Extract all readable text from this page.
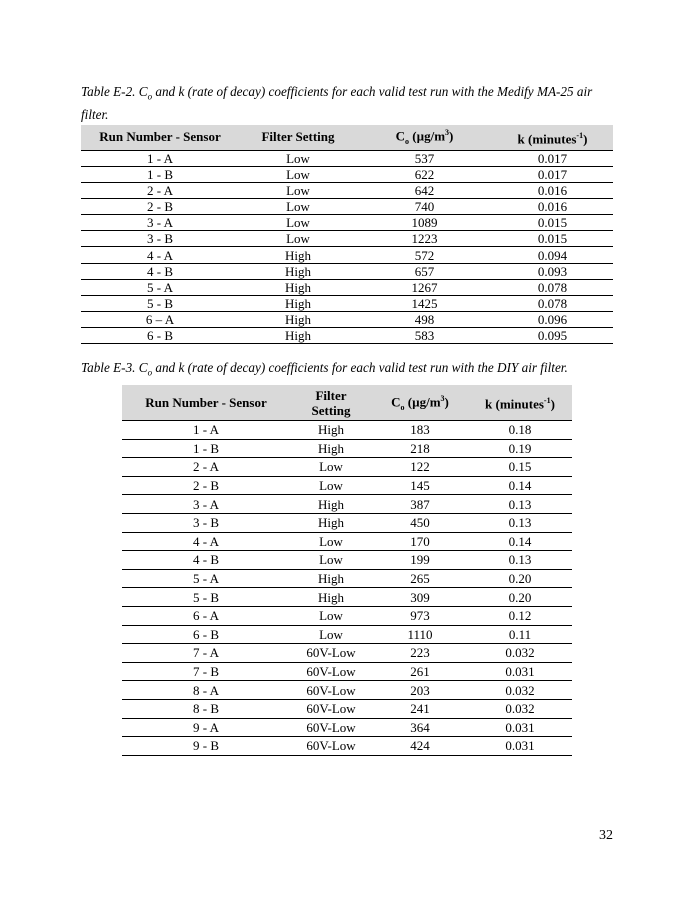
Table E-2. $C_o$ and k (rate of decay) coefficients for each valid test run with the Medify MA-25 air filter.
Run Number - Sensor	Filter Setting	$C_o$ $(\mu g/m^3)$	k (minutes$^{-1}$)
1 - A	Low	537	0.017
1 - B	Low	622	0.017
2 - A	Low	642	0.016
2 - B	Low	740	0.016
3 - A	Low	1089	0.015
3 - B	Low	1223	0.015
4 - A	High	572	0.094
4 - B	High	657	0.093
5 - A	High	1267	0.078
5 - B	High	1425	0.078
6 – A	High	498	0.096
6 - B	High	583	0.095
Table E-3. $C_o$ and k (rate of decay) coefficients for each valid test run with the DIY air filter.
Run Number - Sensor	Filter Setting	$C_o$ $(\mu g/m^3)$	k (minutes$^{-1}$)
1 - A	High	183	0.18
1 - B	High	218	0.19
2 - A	Low	122	0.15
2 - B	Low	145	0.14
3 - A	High	387	0.13
3 - B	High	450	0.13
4 - A	Low	170	0.14
4 - B	Low	199	0.13
5 - A	High	265	0.20
5 - B	High	309	0.20
6 - A	Low	973	0.12
6 - B	Low	1110	0.11
7 - A	60V-Low	223	0.032
7 - B	60V-Low	261	0.031
8 - A	60V-Low	203	0.032
8 - B	60V-Low	241	0.032
9 - A	60V-Low	364	0.031
9 - B	60V-Low	424	0.031
32
